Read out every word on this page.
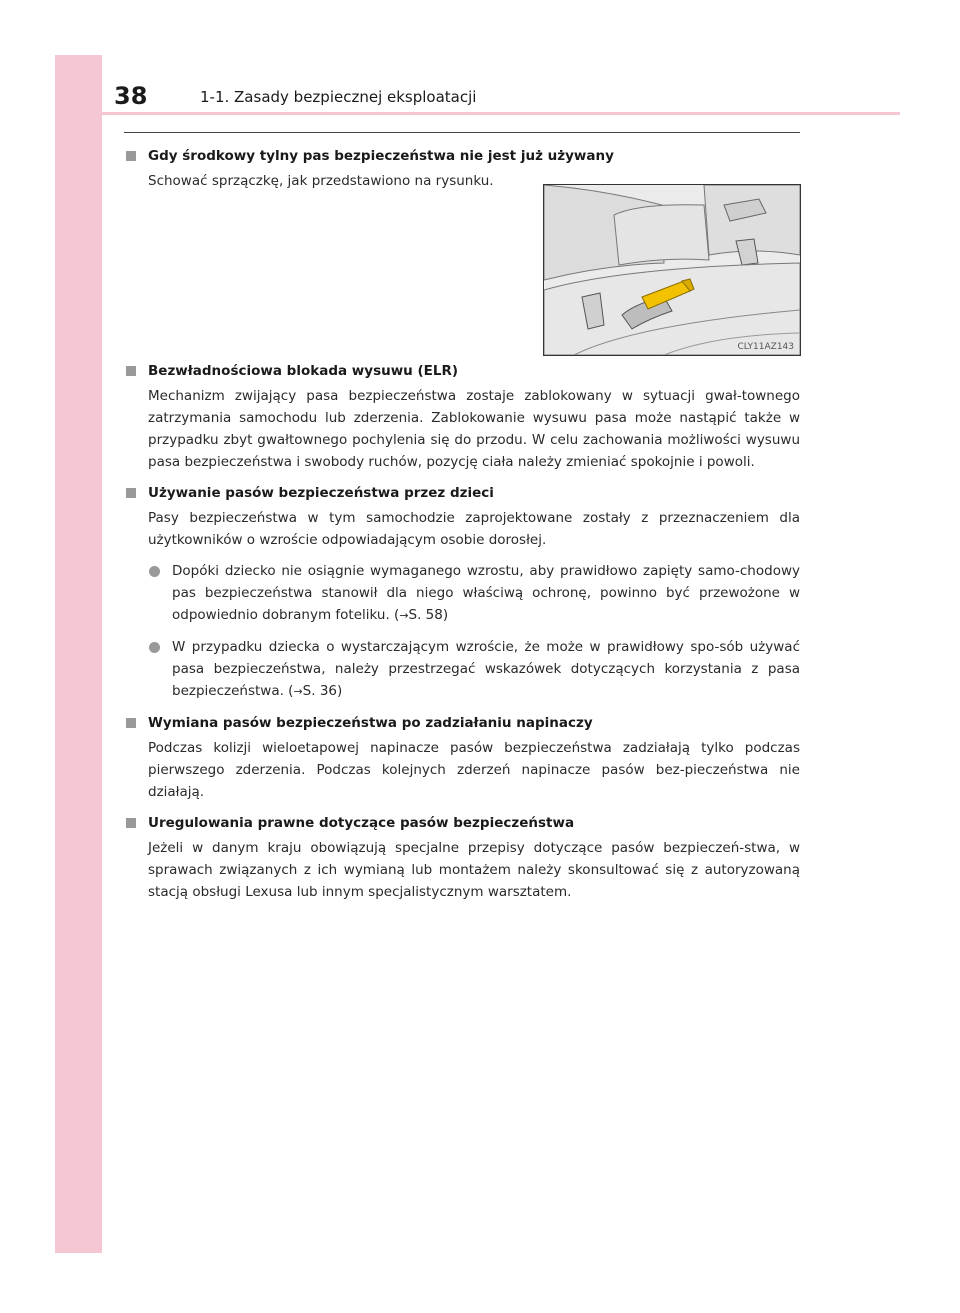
38	1-1. Zasady bezpiecznej eksploatacji
CLY11AZ143
Gdy środkowy tylny pas bezpieczeństwa nie jest już używany
Schować sprzączkę, jak przedstawiono na rysunku.
Bezwładnościowa blokada wysuwu (ELR)
Mechanizm zwijający pasa bezpieczeństwa zostaje zablokowany w sytuacji gwał-townego zatrzymania samochodu lub zderzenia. Zablokowanie wysuwu pasa może nastąpić także w przypadku zbyt gwałtownego pochylenia się do przodu. W celu zachowania możliwości wysuwu pasa bezpieczeństwa i swobody ruchów, pozycję ciała należy zmieniać spokojnie i powoli.
Używanie pasów bezpieczeństwa przez dzieci
Pasy bezpieczeństwa w tym samochodzie zaprojektowane zostały z przeznaczeniem dla użytkowników o wzroście odpowiadającym osobie dorosłej.
Dopóki dziecko nie osiągnie wymaganego wzrostu, aby prawidłowo zapięty samo-chodowy pas bezpieczeństwa stanowił dla niego właściwą ochronę, powinno być przewożone w odpowiednio dobranym foteliku. (→S. 58)
W przypadku dziecka o wystarczającym wzroście, że może w prawidłowy spo-sób używać pasa bezpieczeństwa, należy przestrzegać wskazówek dotyczących korzystania z pasa bezpieczeństwa. (→S. 36)
Wymiana pasów bezpieczeństwa po zadziałaniu napinaczy
Podczas kolizji wieloetapowej napinacze pasów bezpieczeństwa zadziałają tylko podczas pierwszego zderzenia. Podczas kolejnych zderzeń napinacze pasów bez-pieczeństwa nie działają.
Uregulowania prawne dotyczące pasów bezpieczeństwa
Jeżeli w danym kraju obowiązują specjalne przepisy dotyczące pasów bezpieczeń-stwa, w sprawach związanych z ich wymianą lub montażem należy skonsultować się z autoryzowaną stacją obsługi Lexusa lub innym specjalistycznym warsztatem.
